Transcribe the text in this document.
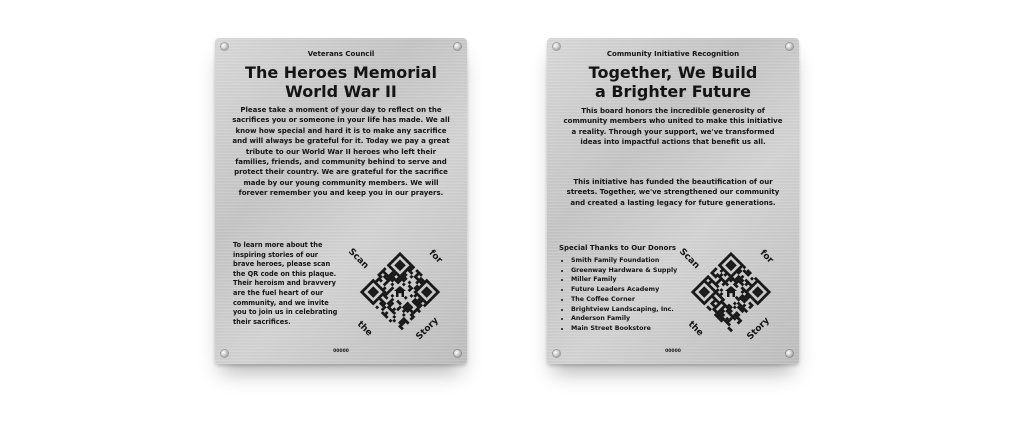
Veterans Council
The Heroes Memorial
World War II
Please take a moment of your day to reflect on the sacrifices you or someone in your life has made. We all know how special and hard it is to make any sacrifice and will always be grateful for it. Today we pay a great tribute to our World War II heroes who left their families, friends, and community behind to serve and protect their country. We are grateful for the sacrifice made by our young community members. We will forever remember you and keep you in our prayers.
To learn more about the inspiring stories of our brave heroes, please scan the QR code on this plaque. Their heroism and bravvery are the fuel heart of our community, and we invite you to join us in celebrating their sacrifices.
Scan	for
the	Story
00000
Community Initiative Recognition
Together, We Build
a Brighter Future
This board honors the incredible generosity of community members who united to make this initiative a reality. Through your support, we've transformed ideas into impactful actions that benefit us all.
This initiative has funded the beautification of our streets. Together, we've strengthened our community and created a lasting legacy for future generations.
Special Thanks to Our Donors
• Smith Family Foundation
• Greenway Hardware & Supply
• Miller Family
• Future Leaders Academy
• The Coffee Corner
• Brightview Landscaping, Inc.
• Anderson Family
• Main Street Bookstore
Scan	for
the	Story
00000
